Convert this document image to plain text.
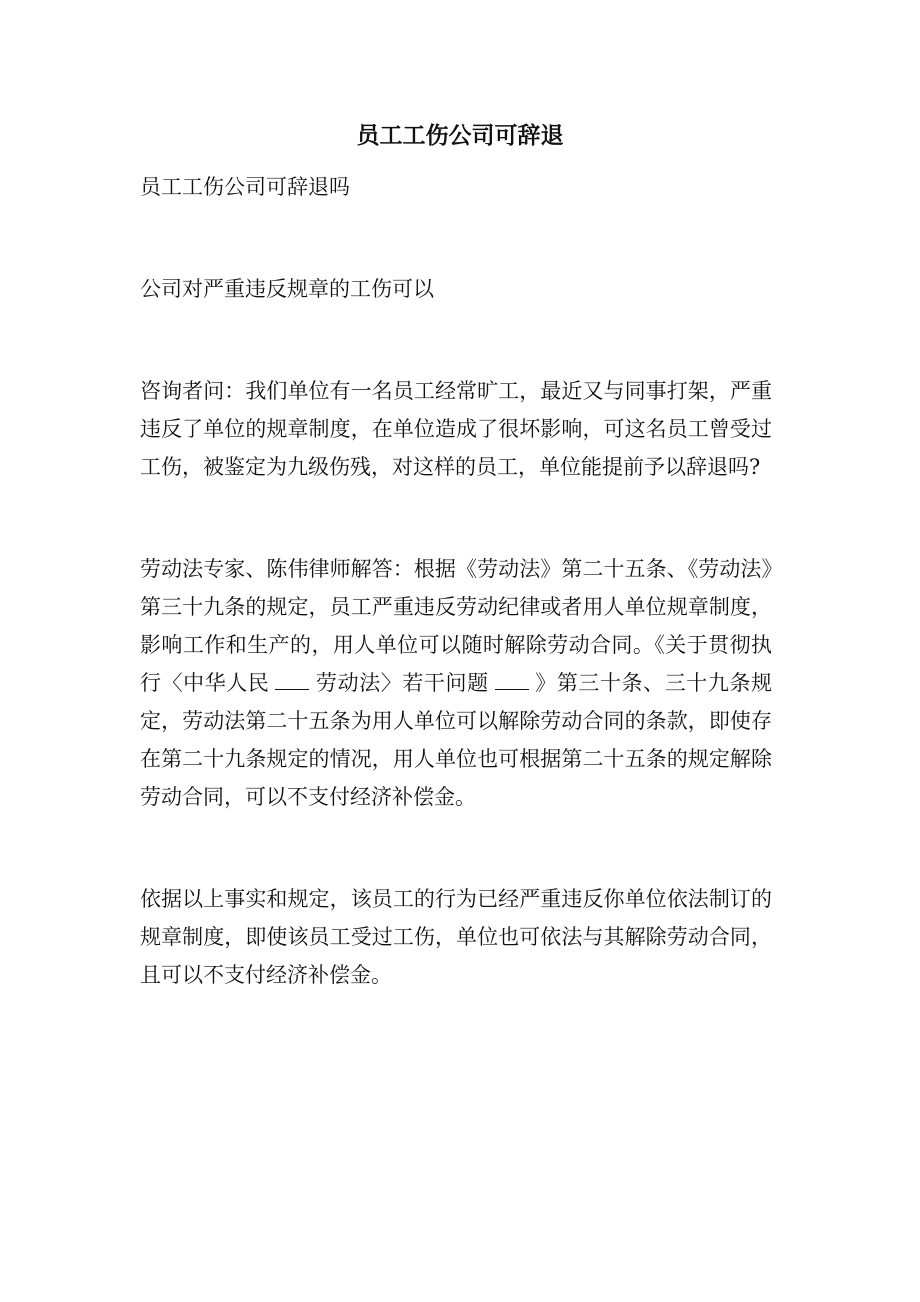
员工工伤公司可辞退

员工工伤公司可辞退吗

公司对严重违反规章的工伤可以

咨询者问：我们单位有一名员工经常旷工，最近又与同事打架，严重违反了单位的规章制度，在单位造成了很坏影响，可这名员工曾受过工伤，被鉴定为九级伤残，对这样的员工，单位能提前予以辞退吗?

劳动法专家、陈伟律师解答：根据《劳动法》第二十五条、《劳动法》第三十九条的规定，员工严重违反劳动纪律或者用人单位规章制度，影响工作和生产的，用人单位可以随时解除劳动合同。《关于贯彻执行〈中华人民 劳动法〉若干问题 》第三十条、三十九条规定，劳动法第二十五条为用人单位可以解除劳动合同的条款，即使存在第二十九条规定的情况，用人单位也可根据第二十五条的规定解除劳动合同，可以不支付经济补偿金。

依据以上事实和规定，该员工的行为已经严重违反你单位依法制订的规章制度，即使该员工受过工伤，单位也可依法与其解除劳动合同，且可以不支付经济补偿金。
